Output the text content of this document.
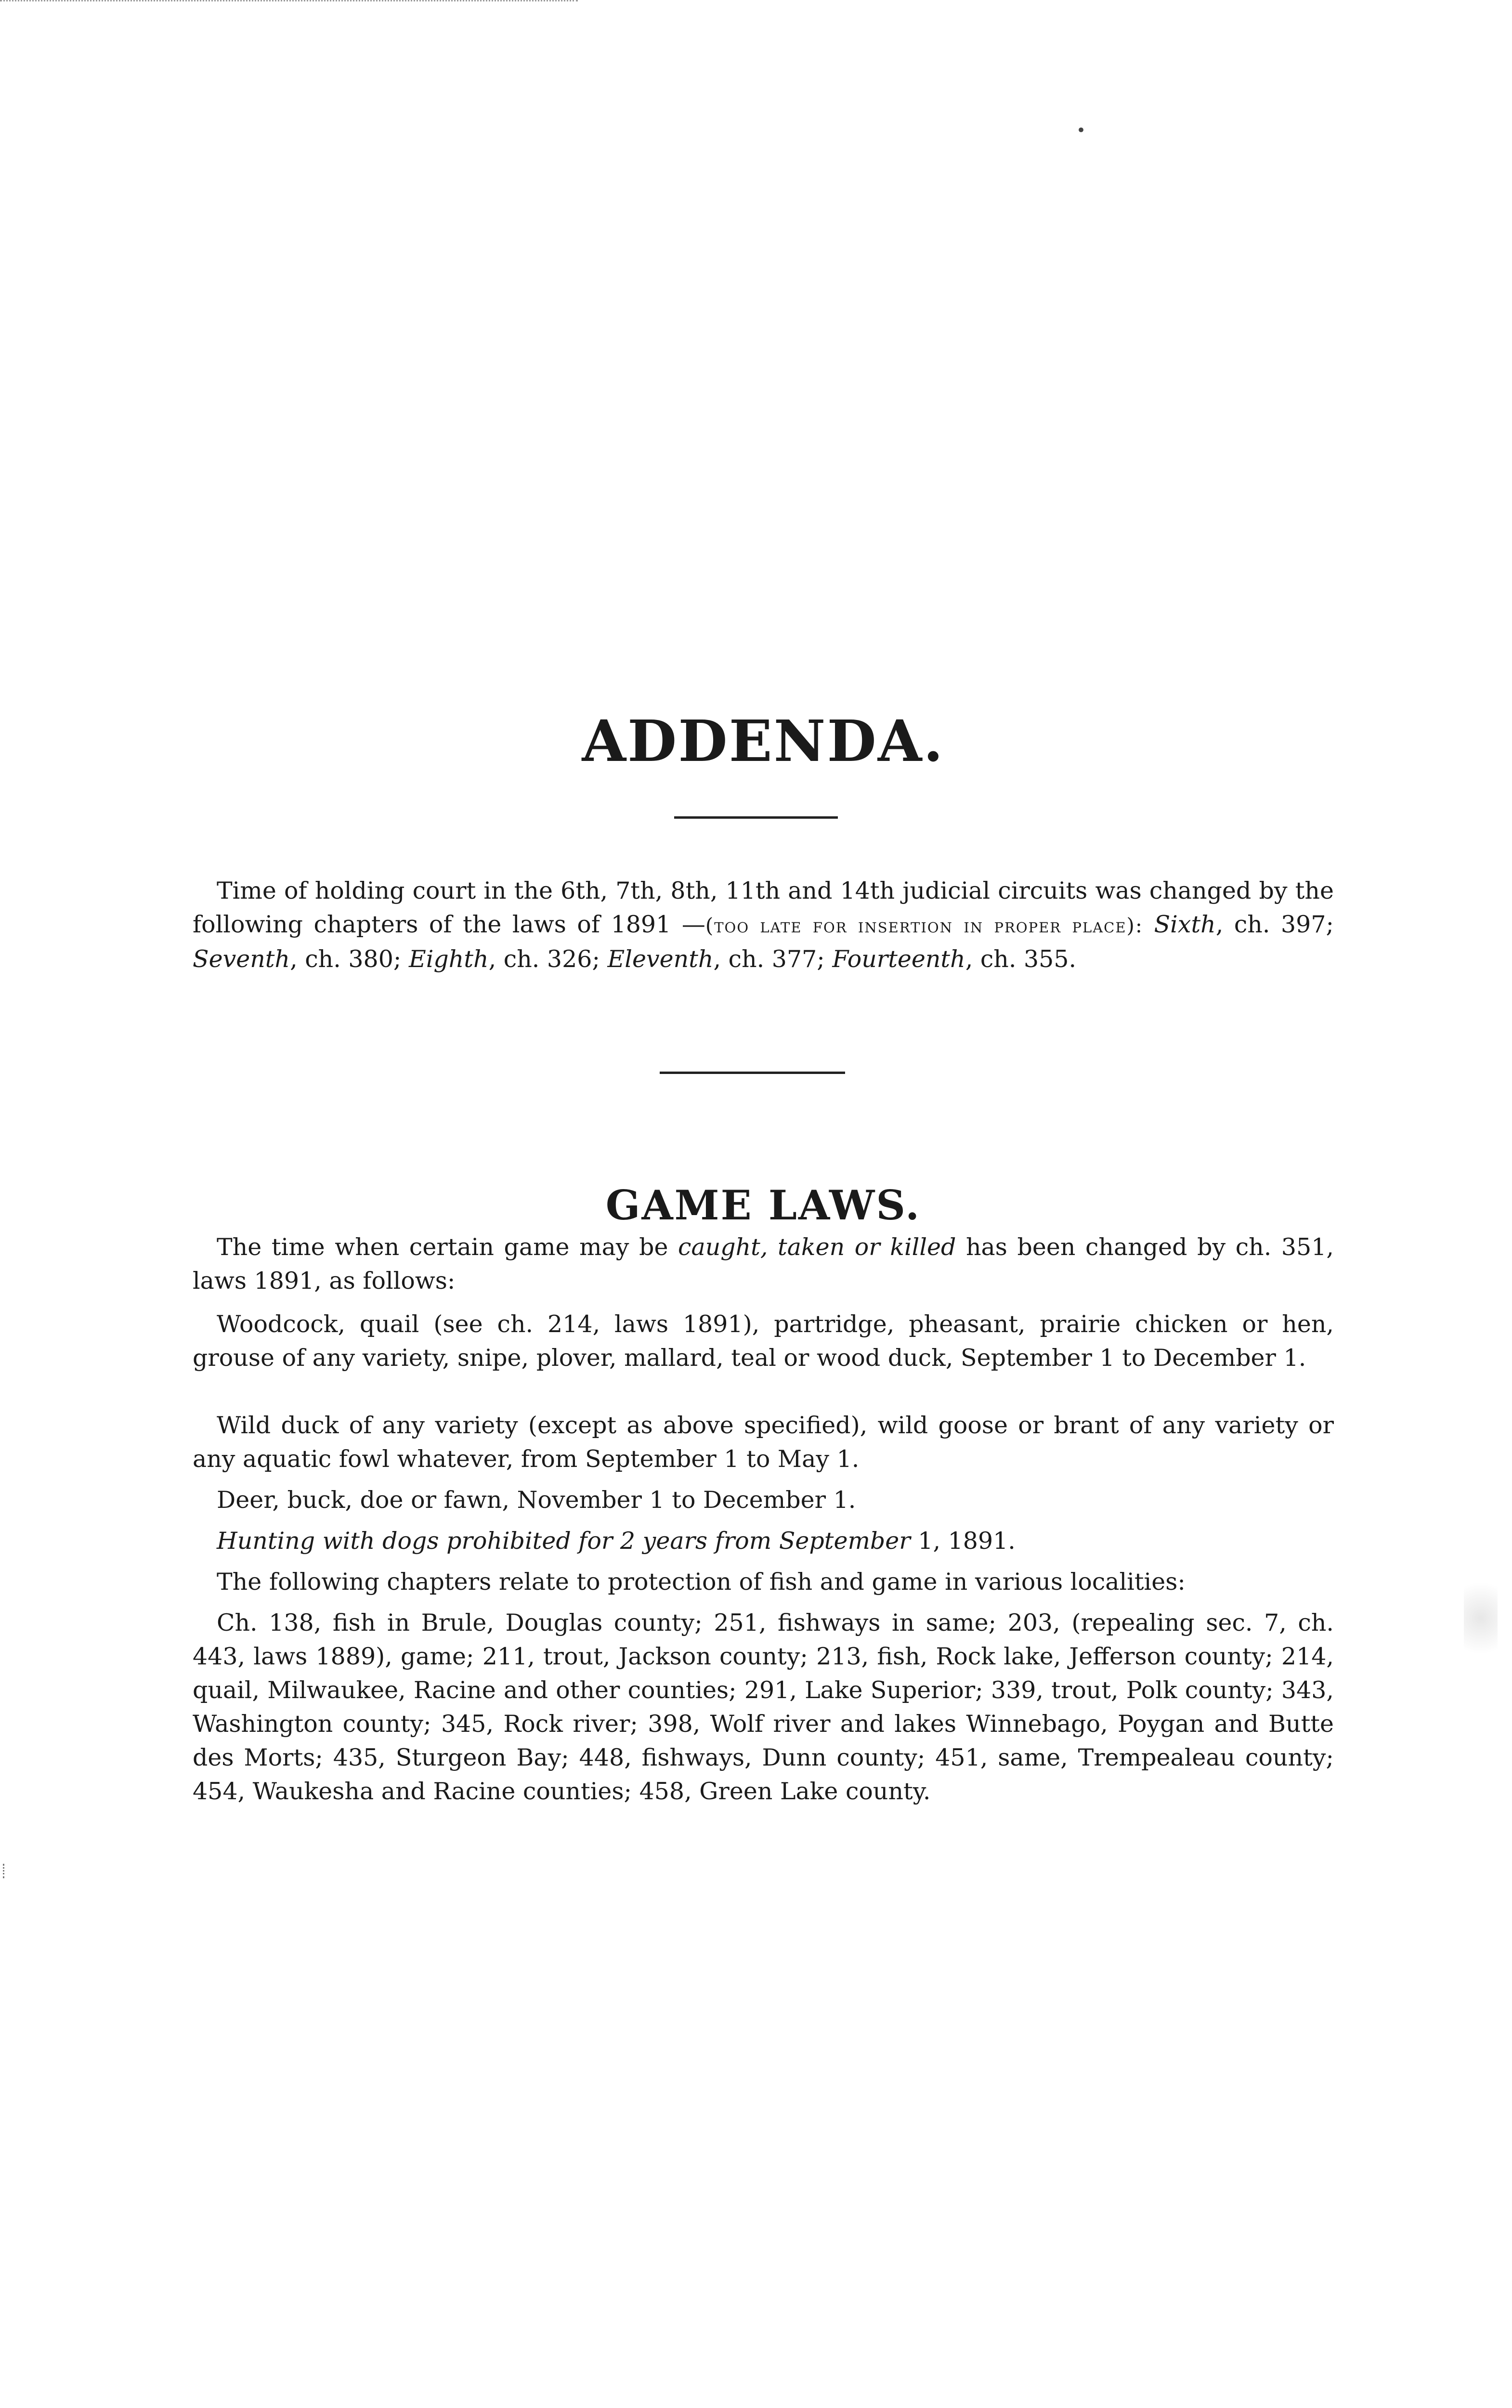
•
ADDENDA.

Time of holding court in the 6th, 7th, 8th, 11th and 14th judicial circuits was changed by the following chapters of the laws of 1891 —(too late for insertion in proper place): Sixth, ch. 397; Seventh, ch. 380; Eighth, ch. 326; Eleventh, ch. 377; Fourteenth, ch. 355.

GAME LAWS.

The time when certain game may be caught, taken or killed has been changed by ch. 351, laws 1891, as follows:

Woodcock, quail (see ch. 214, laws 1891), partridge, pheasant, prairie chicken or hen, grouse of any variety, snipe, plover, mallard, teal or wood duck, September 1 to December 1.

Wild duck of any variety (except as above specified), wild goose or brant of any variety or any aquatic fowl whatever, from September 1 to May 1.

Deer, buck, doe or fawn, November 1 to December 1.

Hunting with dogs prohibited for 2 years from September 1, 1891.

The following chapters relate to protection of fish and game in various localities:

Ch. 138, fish in Brule, Douglas county; 251, fishways in same; 203, (repealing sec. 7, ch. 443, laws 1889), game; 211, trout, Jackson county; 213, fish, Rock lake, Jefferson county; 214, quail, Milwaukee, Racine and other counties; 291, Lake Superior; 339, trout, Polk county; 343, Washington county; 345, Rock river; 398, Wolf river and lakes Winnebago, Poygan and Butte des Morts; 435, Sturgeon Bay; 448, fishways, Dunn county; 451, same, Trempealeau county; 454, Waukesha and Racine counties; 458, Green Lake county.
